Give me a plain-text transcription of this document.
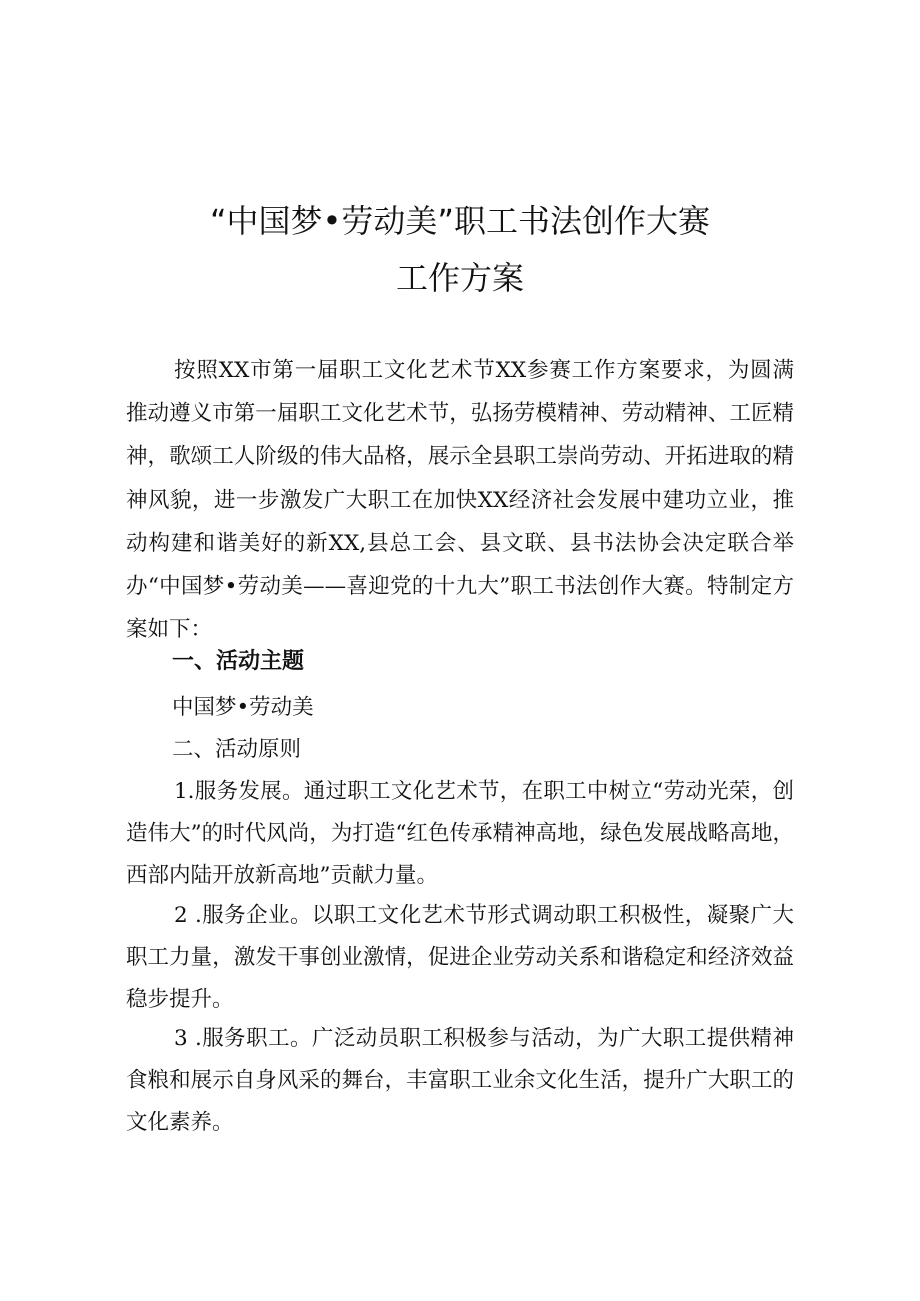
“中国梦•劳动美”职工书法创作大赛
工作方案

按照XX市第一届职工文化艺术节XX参赛工作方案要求，为圆满推动遵义市第一届职工文化艺术节，弘扬劳模精神、劳动精神、工匠精神，歌颂工人阶级的伟大品格，展示全县职工崇尚劳动、开拓进取的精神风貌，进一步激发广大职工在加快XX经济社会发展中建功立业，推动构建和谐美好的新XX,县总工会、县文联、县书法协会决定联合举办“中国梦•劳动美——喜迎党的十九大”职工书法创作大赛。特制定方案如下：

一、活动主题

中国梦•劳动美

二、活动原则

1.服务发展。通过职工文化艺术节，在职工中树立“劳动光荣，创造伟大”的时代风尚，为打造“红色传承精神高地，绿色发展战略高地，西部内陆开放新高地”贡献力量。

2 .服务企业。以职工文化艺术节形式调动职工积极性，凝聚广大职工力量，激发干事创业激情，促进企业劳动关系和谐稳定和经济效益稳步提升。

3 .服务职工。广泛动员职工积极参与活动，为广大职工提供精神食粮和展示自身风采的舞台，丰富职工业余文化生活，提升广大职工的文化素养。
